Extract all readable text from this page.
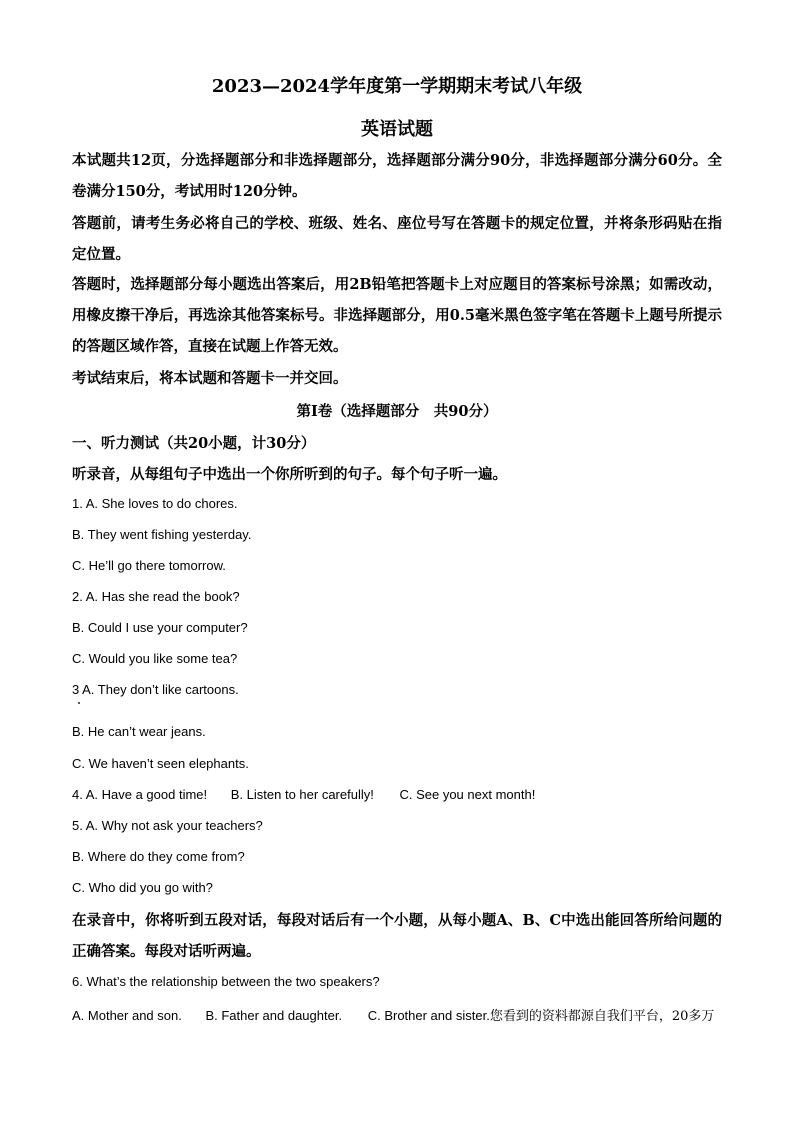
2023—2024学年度第一学期期末考试八年级
英语试题
本试题共12页，分选择题部分和非选择题部分，选择题部分满分90分，非选择题部分满分60分。全卷满分150分，考试用时120分钟。
答题前，请考生务必将自己的学校、班级、姓名、座位号写在答题卡的规定位置，并将条形码贴在指定位置。
答题时，选择题部分每小题选出答案后，用2B铅笔把答题卡上对应题目的答案标号涂黑；如需改动，用橡皮擦干净后，再选涂其他答案标号。非选择题部分，用0.5毫米黑色签字笔在答题卡上题号所提示的答题区域作答，直接在试题上作答无效。
考试结束后，将本试题和答题卡一并交回。
第Ⅰ卷（选择题部分　共90分）
一、听力测试（共20小题，计30分）
听录音，从每组句子中选出一个你所听到的句子。每个句子听一遍。
1. A. She loves to do chores.
B. They went fishing yesterday.
C. He’ll go there tomorrow.
2. A. Has she read the book?
B. Could I use your computer?
C. Would you like some tea?
3 A. They don’t like cartoons.
B. He can’t wear jeans.
C. We haven’t seen elephants.
4. A. Have a good time! B. Listen to her carefully! C. See you next month!
5. A. Why not ask your teachers?
B. Where do they come from?
C. Who did you go with?
在录音中，你将听到五段对话，每段对话后有一个小题，从每小题A、B、C中选出能回答所给问题的正确答案。每段对话听两遍。
6. What’s the relationship between the two speakers?
A. Mother and son. B. Father and daughter. C. Brother and sister.您看到的资料都源自我们平台，20多万
